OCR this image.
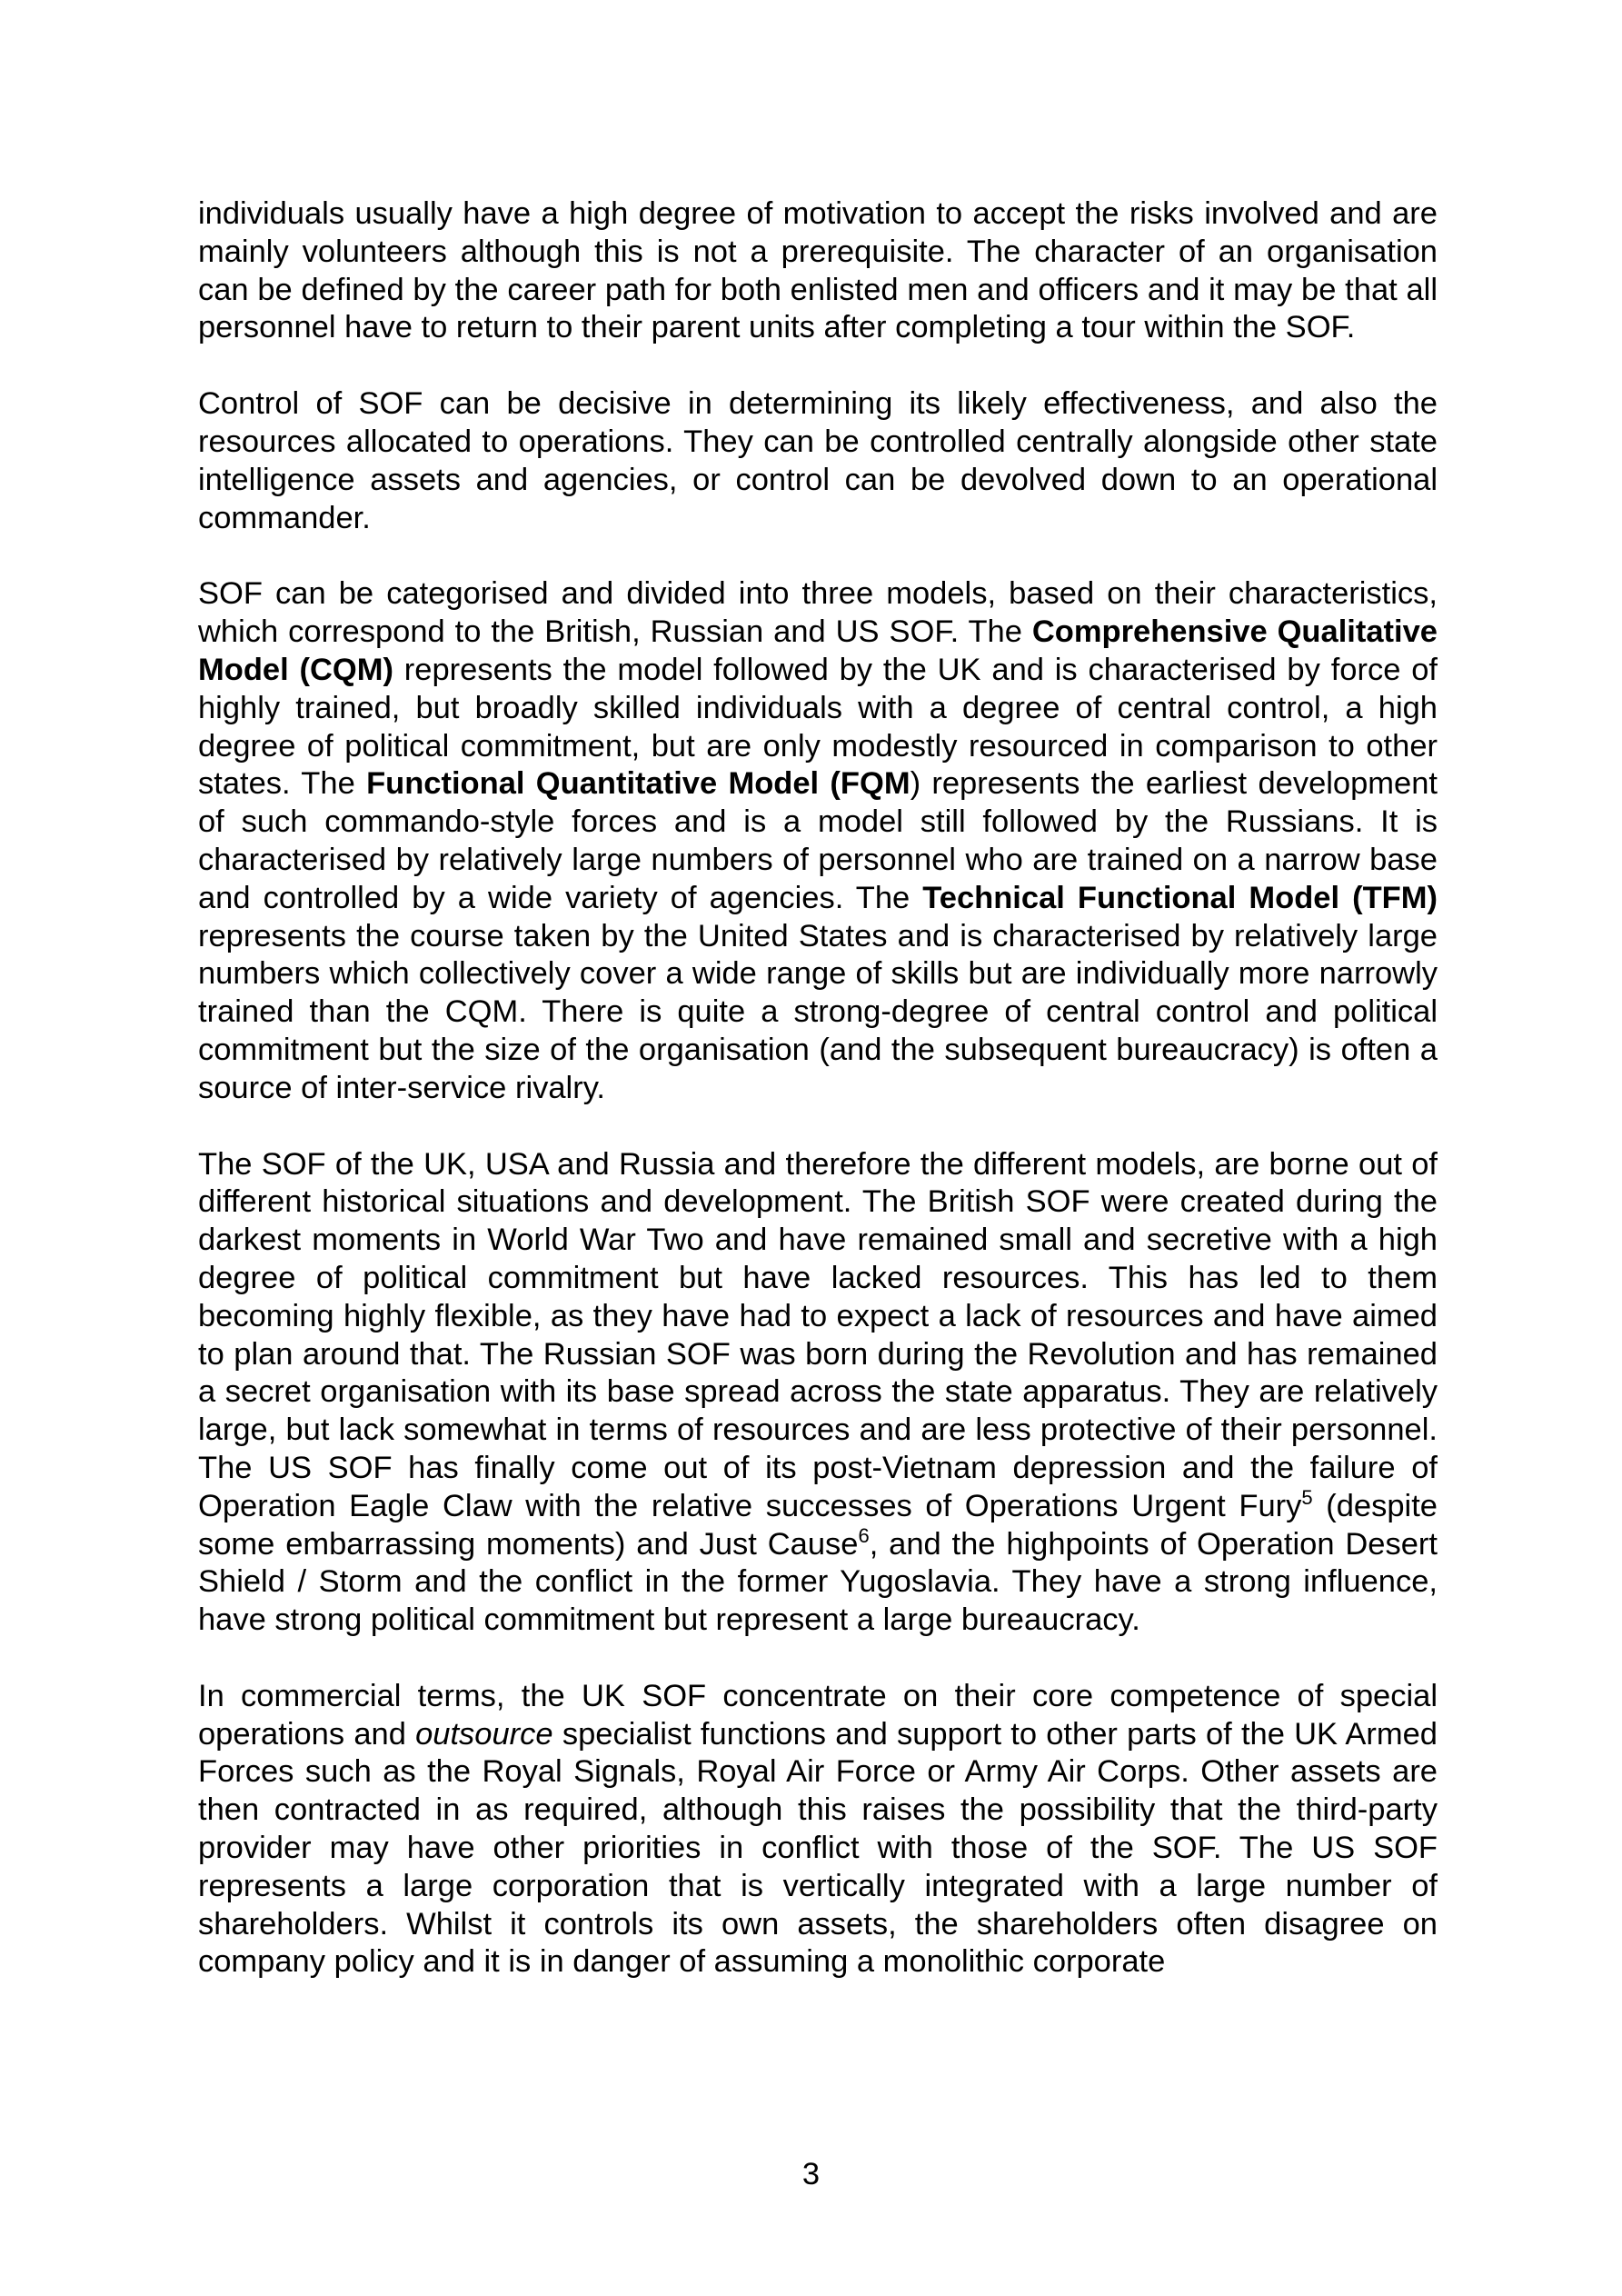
individuals usually have a high degree of motivation to accept the risks involved and are mainly volunteers although this is not a prerequisite. The character of an organisation can be defined by the career path for both enlisted men and officers and it may be that all personnel have to return to their parent units after completing a tour within the SOF.

Control of SOF can be decisive in determining its likely effectiveness, and also the resources allocated to operations. They can be controlled centrally alongside other state intelligence assets and agencies, or control can be devolved down to an operational commander.

SOF can be categorised and divided into three models, based on their characteristics, which correspond to the British, Russian and US SOF. The Comprehensive Qualitative Model (CQM) represents the model followed by the UK and is characterised by force of highly trained, but broadly skilled individuals with a degree of central control, a high degree of political commitment, but are only modestly resourced in comparison to other states. The Functional Quantitative Model (FQM) represents the earliest development of such commando-style forces and is a model still followed by the Russians. It is characterised by relatively large numbers of personnel who are trained on a narrow base and controlled by a wide variety of agencies. The Technical Functional Model (TFM) represents the course taken by the United States and is characterised by relatively large numbers which collectively cover a wide range of skills but are individually more narrowly trained than the CQM. There is quite a strong-degree of central control and political commitment but the size of the organisation (and the subsequent bureaucracy) is often a source of inter-service rivalry.

The SOF of the UK, USA and Russia and therefore the different models, are borne out of different historical situations and development. The British SOF were created during the darkest moments in World War Two and have remained small and secretive with a high degree of political commitment but have lacked resources. This has led to them becoming highly flexible, as they have had to expect a lack of resources and have aimed to plan around that. The Russian SOF was born during the Revolution and has remained a secret organisation with its base spread across the state apparatus. They are relatively large, but lack somewhat in terms of resources and are less protective of their personnel. The US SOF has finally come out of its post-Vietnam depression and the failure of Operation Eagle Claw with the relative successes of Operations Urgent Fury$^5$ (despite some embarrassing moments) and Just Cause$^6$, and the highpoints of Operation Desert Shield / Storm and the conflict in the former Yugoslavia. They have a strong influence, have strong political commitment but represent a large bureaucracy.

In commercial terms, the UK SOF concentrate on their core competence of special operations and outsource specialist functions and support to other parts of the UK Armed Forces such as the Royal Signals, Royal Air Force or Army Air Corps. Other assets are then contracted in as required, although this raises the possibility that the third-party provider may have other priorities in conflict with those of the SOF. The US SOF represents a large corporation that is vertically integrated with a large number of shareholders. Whilst it controls its own assets, the shareholders often disagree on company policy and it is in danger of assuming a monolithic corporate

3
